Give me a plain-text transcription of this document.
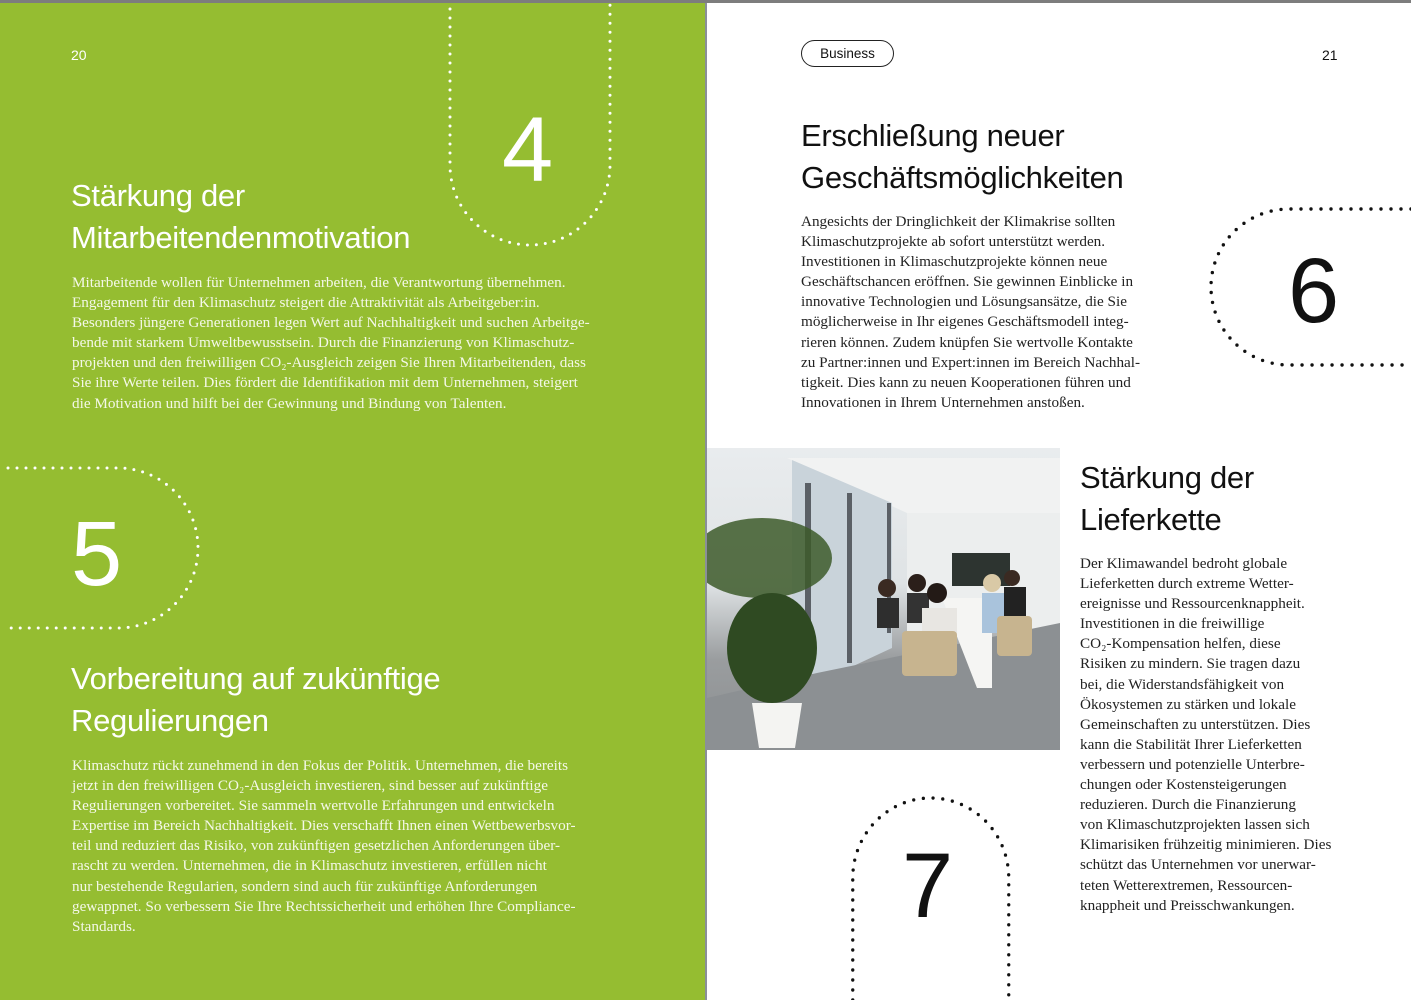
20
4
Stärkung der
Mitarbeitendenmotivation
Mitarbeitende wollen für Unternehmen arbeiten, die Verantwortung übernehmen.
Engagement für den Klimaschutz steigert die Attraktivität als Arbeitgeber:in.
Besonders jüngere Generationen legen Wert auf Nachhaltigkeit und suchen Arbeitge-
bende mit starkem Umweltbewusstsein. Durch die Finanzierung von Klimaschutz-
projekten und den freiwilligen CO₂-Ausgleich zeigen Sie Ihren Mitarbeitenden, dass
Sie ihre Werte teilen. Dies fördert die Identifikation mit dem Unternehmen, steigert
die Motivation und hilft bei der Gewinnung und Bindung von Talenten.
5
Vorbereitung auf zukünftige
Regulierungen
Klimaschutz rückt zunehmend in den Fokus der Politik. Unternehmen, die bereits
jetzt in den freiwilligen CO₂-Ausgleich investieren, sind besser auf zukünftige
Regulierungen vorbereitet. Sie sammeln wertvolle Erfahrungen und entwickeln
Expertise im Bereich Nachhaltigkeit. Dies verschafft Ihnen einen Wettbewerbsvor-
teil und reduziert das Risiko, von zukünftigen gesetzlichen Anforderungen über-
rascht zu werden. Unternehmen, die in Klimaschutz investieren, erfüllen nicht
nur bestehende Regularien, sondern sind auch für zukünftige Anforderungen
gewappnet. So verbessern Sie Ihre Rechtssicherheit und erhöhen Ihre Compliance-
Standards.
Business	21
Erschließung neuer
Geschäftsmöglichkeiten
Angesichts der Dringlichkeit der Klimakrise sollten
Klimaschutzprojekte ab sofort unterstützt werden.
Investitionen in Klimaschutzprojekte können neue
Geschäftschancen eröffnen. Sie gewinnen Einblicke in
innovative Technologien und Lösungsansätze, die Sie
möglicherweise in Ihr eigenes Geschäftsmodell integ-
rieren können. Zudem knüpfen Sie wertvolle Kontakte
zu Partner:innen und Expert:innen im Bereich Nachhal-
tigkeit. Dies kann zu neuen Kooperationen führen und
Innovationen in Ihrem Unternehmen anstoßen.
6
Stärkung der
Lieferkette
Der Klimawandel bedroht globale
Lieferketten durch extreme Wetter-
ereignisse und Ressourcenknappheit.
Investitionen in die freiwillige
CO₂-Kompensation helfen, diese
Risiken zu mindern. Sie tragen dazu
bei, die Widerstandsfähigkeit von
Ökosystemen zu stärken und lokale
Gemeinschaften zu unterstützen. Dies
kann die Stabilität Ihrer Lieferketten
verbessern und potenzielle Unterbre-
chungen oder Kostensteigerungen
reduzieren. Durch die Finanzierung
von Klimaschutzprojekten lassen sich
Klimarisiken frühzeitig minimieren. Dies
schützt das Unternehmen vor unerwar-
teten Wetterextremen, Ressourcen-
knappheit und Preisschwankungen.
7
